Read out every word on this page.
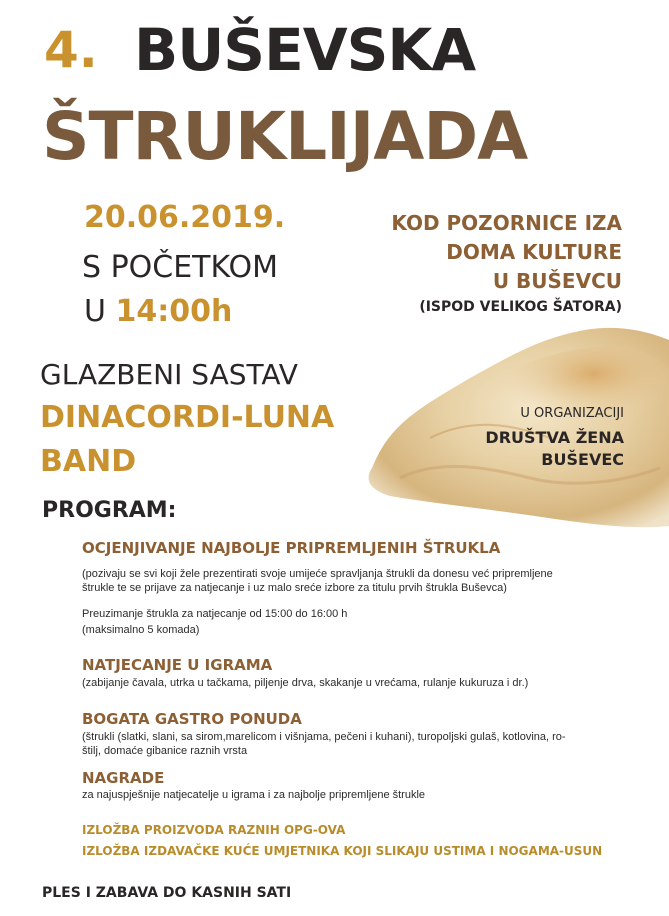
4. BUŠEVSKA
ŠTRUKLIJADA
20.06.2019.
S POČETKOM
U 14:00h
KOD POZORNICE IZA
DOMA KULTURE
U BUŠEVCU
(ISPOD VELIKOG ŠATORA)
GLAZBENI SASTAV
DINACORDI-LUNA
BAND
U ORGANIZACIJI
DRUŠTVA ŽENA
BUŠEVEC
PROGRAM:
OCJENJIVANJE NAJBOLJE PRIPREMLJENIH ŠTRUKLA
(pozivaju se svi koji žele prezentirati svoje umijeće spravljanja štrukli da donesu već pripremljene
štrukle te se prijave za natjecanje i uz malo sreće izbore za titulu prvih štrukla Buševca)
Preuzimanje štrukla za natjecanje od 15:00 do 16:00 h
(maksimalno 5 komada)
NATJECANJE U IGRAMA
(zabijanje čavala, utrka u tačkama, piljenje drva, skakanje u vrećama, rulanje kukuruza i dr.)
BOGATA GASTRO PONUDA
(štrukli (slatki, slani, sa sirom,marelicom i višnjama, pečeni i kuhani), turopoljski gulaš, kotlovina, ro-
štilj, domaće gibanice raznih vrsta
NAGRADE
za najuspješnije natjecatelje u igrama i za najbolje pripremljene štrukle
IZLOŽBA PROIZVODA RAZNIH OPG-OVA
IZLOŽBA IZDAVAČKE KUĆE UMJETNIKA KOJI SLIKAJU USTIMA I NOGAMA-USUN
PLES I ZABAVA DO KASNIH SATI
